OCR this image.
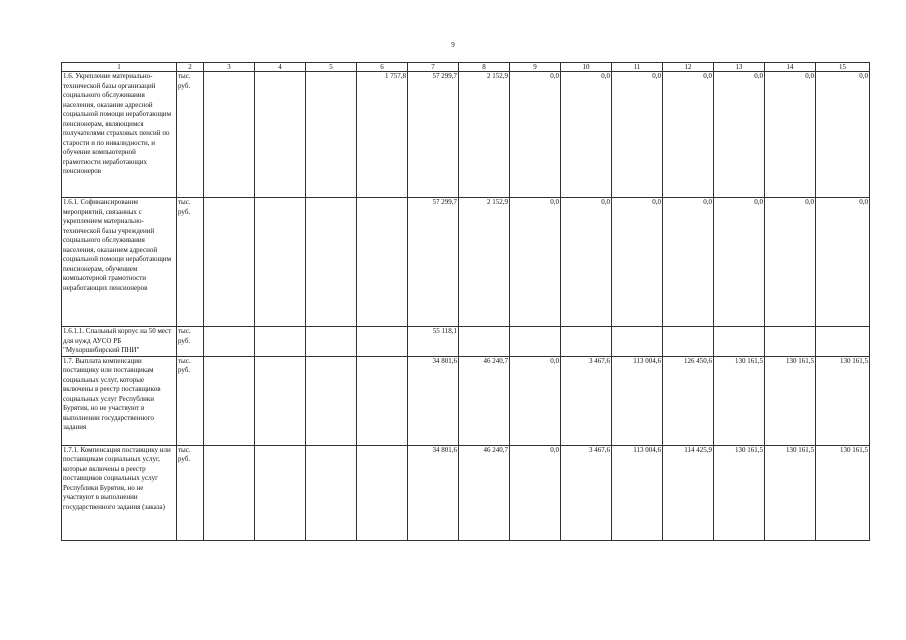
9
1	2	3	4	5	6	7	8	9	10	11	12	13	14	15
1.6. Укрепление материально-технической базы организаций социального обслуживания населения, оказание адресной социальной помощи неработающим пенсионерам, являющимся получателями страховых пенсий по старости и по инвалидности, и обучение компьютерной грамотности неработающих пенсионеров	тыс. руб.				1 757,8	57 299,7	2 152,9	0,0	0,0	0,0	0,0	0,0	0,0	0,0
1.6.1. Софинансирование мероприятий, связанных с укреплением материально-технической базы учреждений социального обслуживания населения, оказанием адресной социальной помощи неработающим пенсионерам, обучением компьютерной грамотности неработающих пенсионеров	тыс. руб.					57 299,7	2 152,9	0,0	0,0	0,0	0,0	0,0	0,0	0,0
1.6.1.1. Спальный корпус на 50 мест для нужд АУСО РБ "Мухоршибирский ПНИ"	тыс. руб.					55 118,1								
1.7. Выплата компенсации поставщику или поставщикам социальных услуг, которые включены в реестр поставщиков социальных услуг Республики Бурятия, но не участвуют в выполнении государственного задания	тыс. руб.					34 801,6	46 240,7	0,0	3 467,6	113 004,6	126 450,6	130 161,5	130 161,5	130 161,5
1.7.1. Компенсация поставщику или поставщикам социальных услуг, которые включены в реестр поставщиков социальных услуг Республики Бурятия, но не участвуют в выполнении государственного задания (заказа)	тыс. руб.					34 801,6	46 240,7	0,0	3 467,6	113 004,6	114 425,9	130 161,5	130 161,5	130 161,5
